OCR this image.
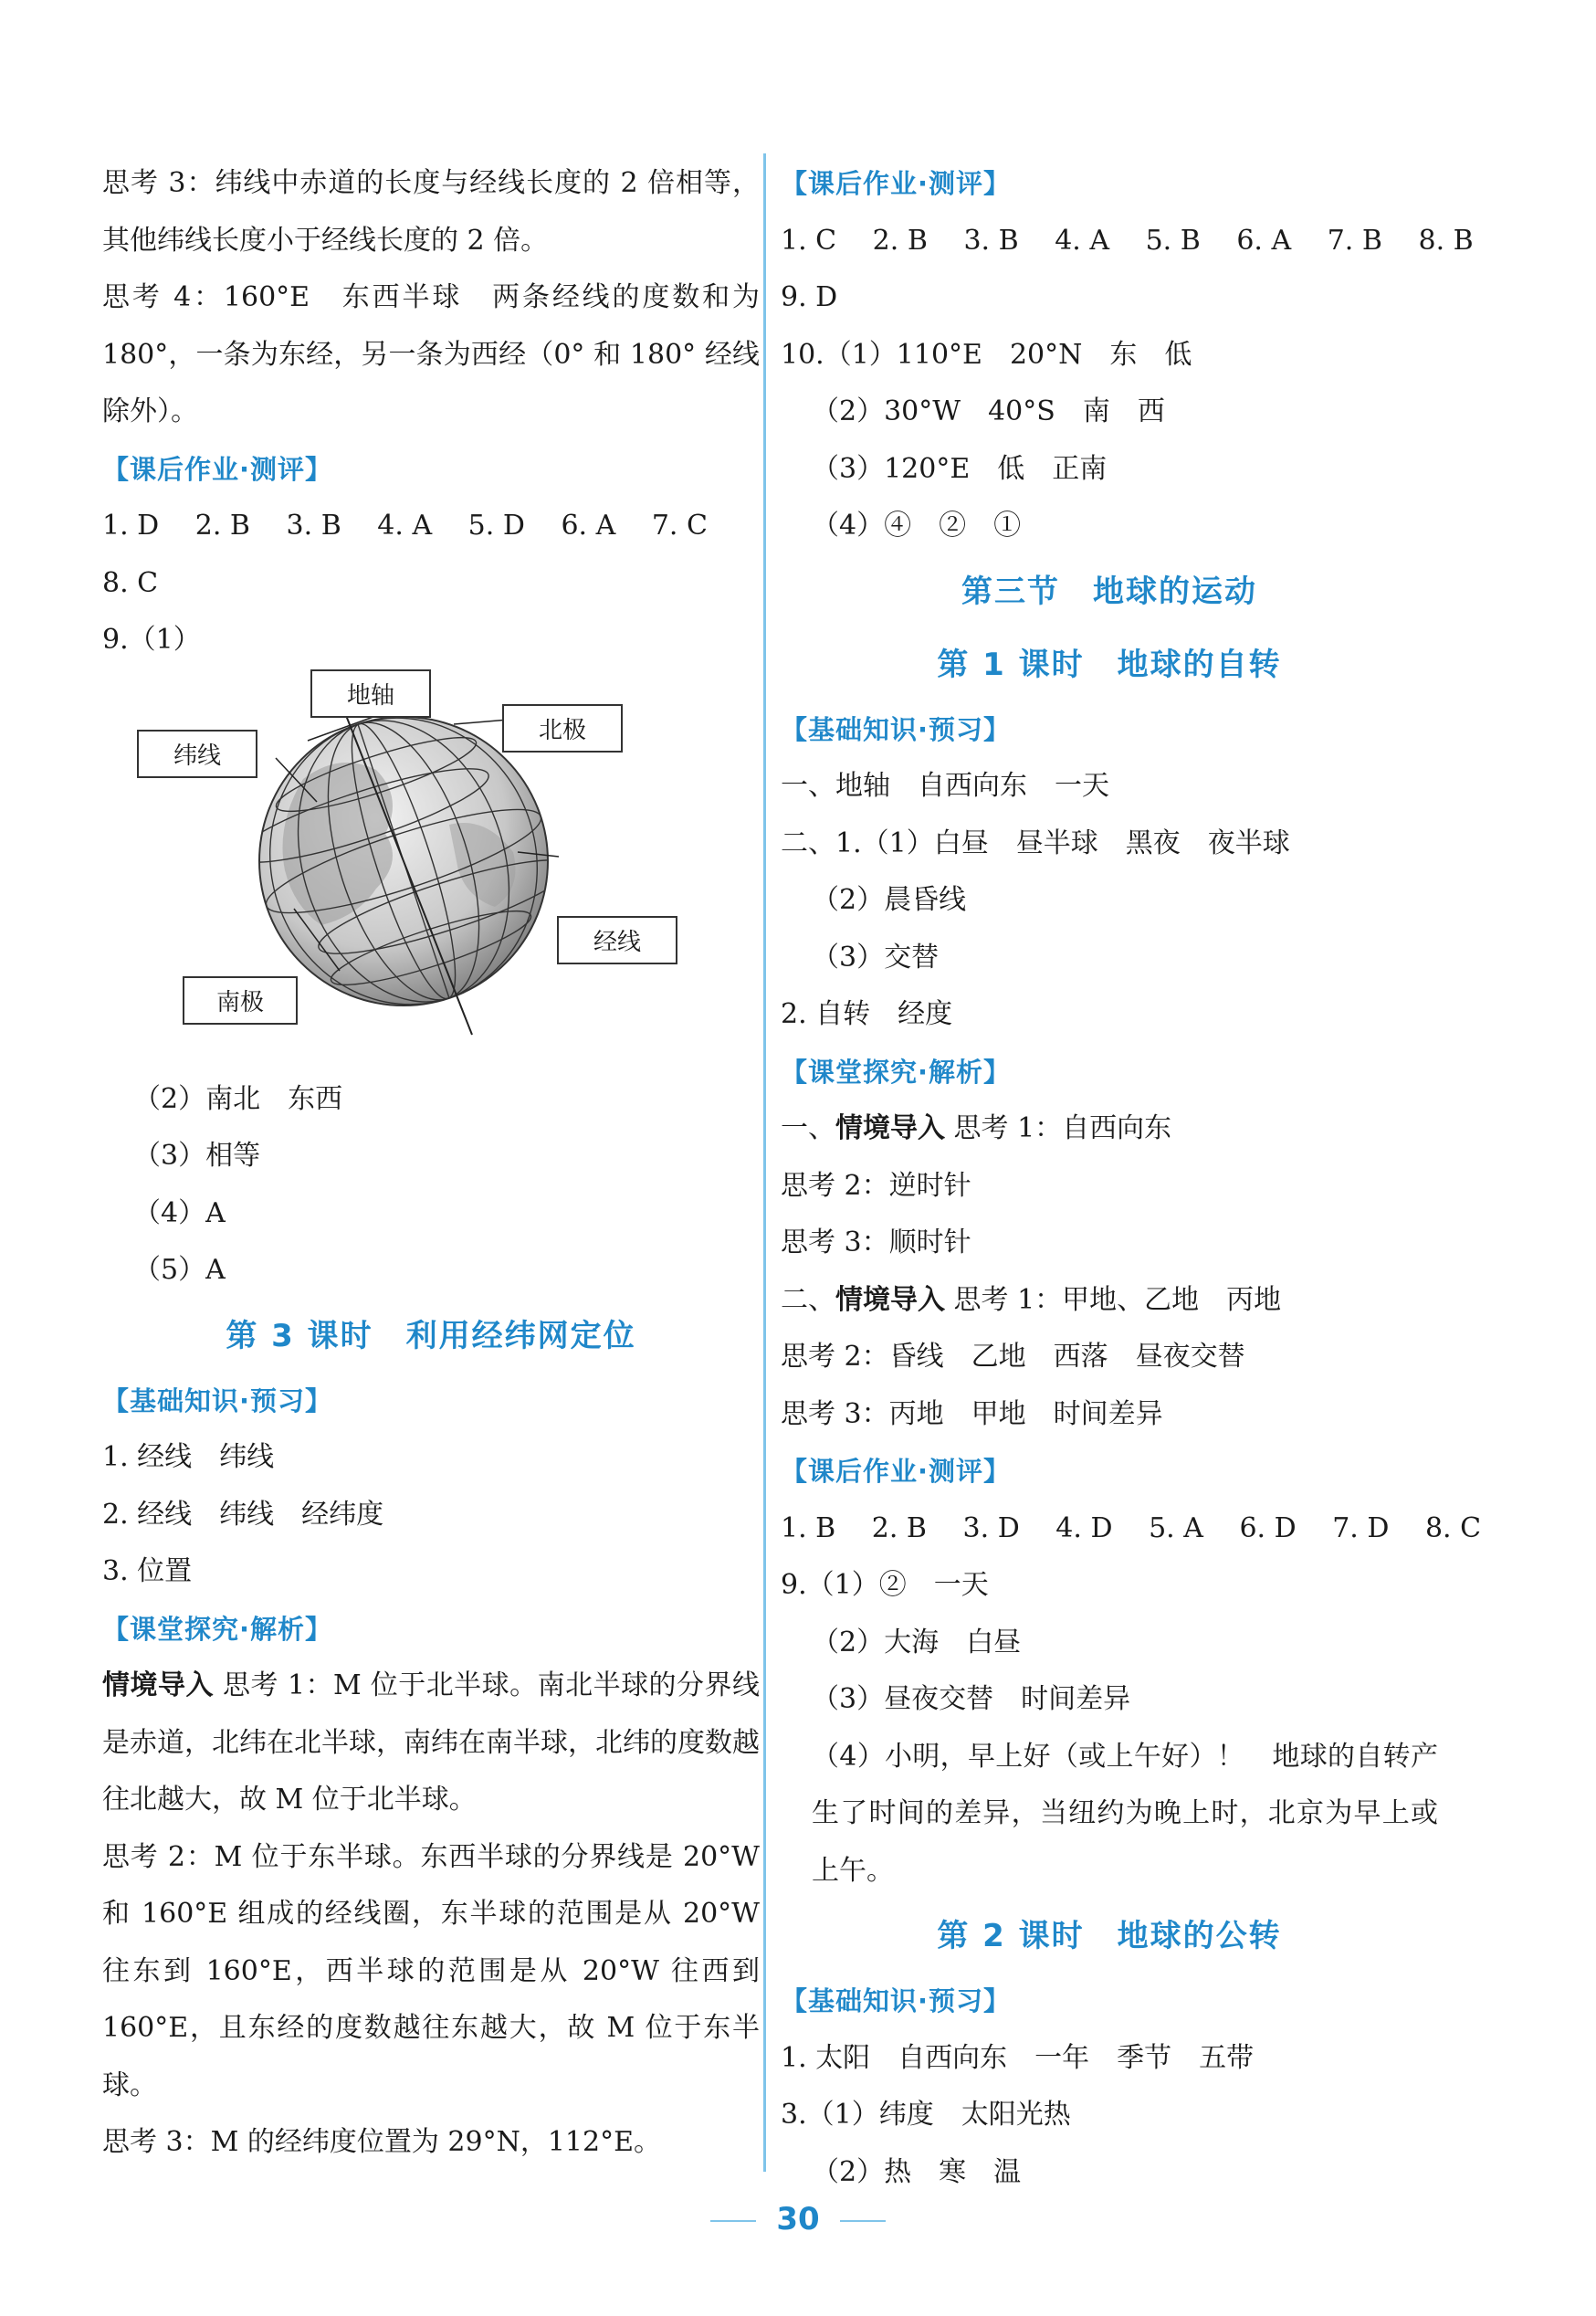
思考 3：纬线中赤道的长度与经线长度的 2 倍相等，其他纬线长度小于经线长度的 2 倍。
思考 4：160°E　东西半球　两条经线的度数和为 180°，一条为东经，另一条为西经（0° 和 180° 经线除外）。
【课后作业·测评】
1. D 2. B 3. B 4. A 5. D 6. A 7. C
8. C
9.（1）
地轴
北极
纬线
经线
南极
（2）南北　东西
（3）相等
（4）A
（5）A
第 3 课时　利用经纬网定位
【基础知识·预习】
1. 经线　纬线
2. 经线　纬线　经纬度
3. 位置
【课堂探究·解析】
情境导入 思考 1：M 位于北半球。南北半球的分界线是赤道，北纬在北半球，南纬在南半球，北纬的度数越往北越大，故 M 位于北半球。
思考 2：M 位于东半球。东西半球的分界线是 20°W 和 160°E 组成的经线圈，东半球的范围是从 20°W 往东到 160°E，西半球的范围是从 20°W 往西到 160°E，且东经的度数越往东越大，故 M 位于东半球。
思考 3：M 的经纬度位置为 29°N，112°E。
【课后作业·测评】
1. C 2. B 3. B 4. A 5. B 6. A 7. B 8. B
9. D
10.（1）110°E　20°N　东　低
（2）30°W　40°S　南　西
（3）120°E　低　正南
（4）④　②　①
第三节　地球的运动
第 1 课时　地球的自转
【基础知识·预习】
一、地轴　自西向东　一天
二、1.（1）白昼　昼半球　黑夜　夜半球
（2）晨昏线
（3）交替
2. 自转　经度
【课堂探究·解析】
一、情境导入 思考 1：自西向东
思考 2：逆时针
思考 3：顺时针
二、情境导入 思考 1：甲地、乙地　丙地
思考 2：昏线　乙地　西落　昼夜交替
思考 3：丙地　甲地　时间差异
【课后作业·测评】
1. B 2. B 3. D 4. D 5. A 6. D 7. D 8. C
9.（1）②　一天
（2）大海　白昼
（3）昼夜交替　时间差异
（4）小明，早上好（或上午好）！　地球的自转产生了时间的差异，当纽约为晚上时，北京为早上或上午。
第 2 课时　地球的公转
【基础知识·预习】
1. 太阳　自西向东　一年　季节　五带
3.（1）纬度　太阳光热
（2）热　寒　温
30
